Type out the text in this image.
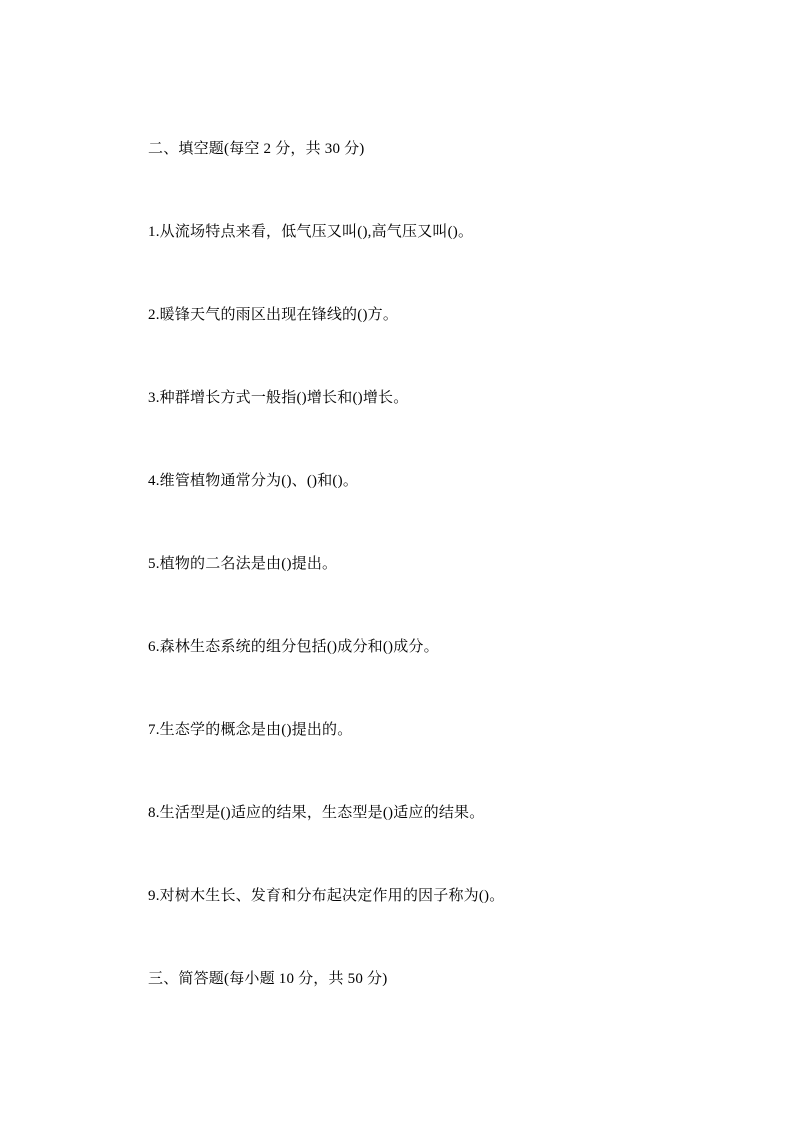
二、填空题(每空 2 分，共 30 分)

1.从流场特点来看，低气压又叫(),高气压又叫()。

2.暖锋天气的雨区出现在锋线的()方。

3.种群增长方式一般指()增长和()增长。

4.维管植物通常分为()、()和()。

5.植物的二名法是由()提出。

6.森林生态系统的组分包括()成分和()成分。

7.生态学的概念是由()提出的。

8.生活型是()适应的结果，生态型是()适应的结果。

9.对树木生长、发育和分布起决定作用的因子称为()。

三、简答题(每小题 10 分，共 50 分)
